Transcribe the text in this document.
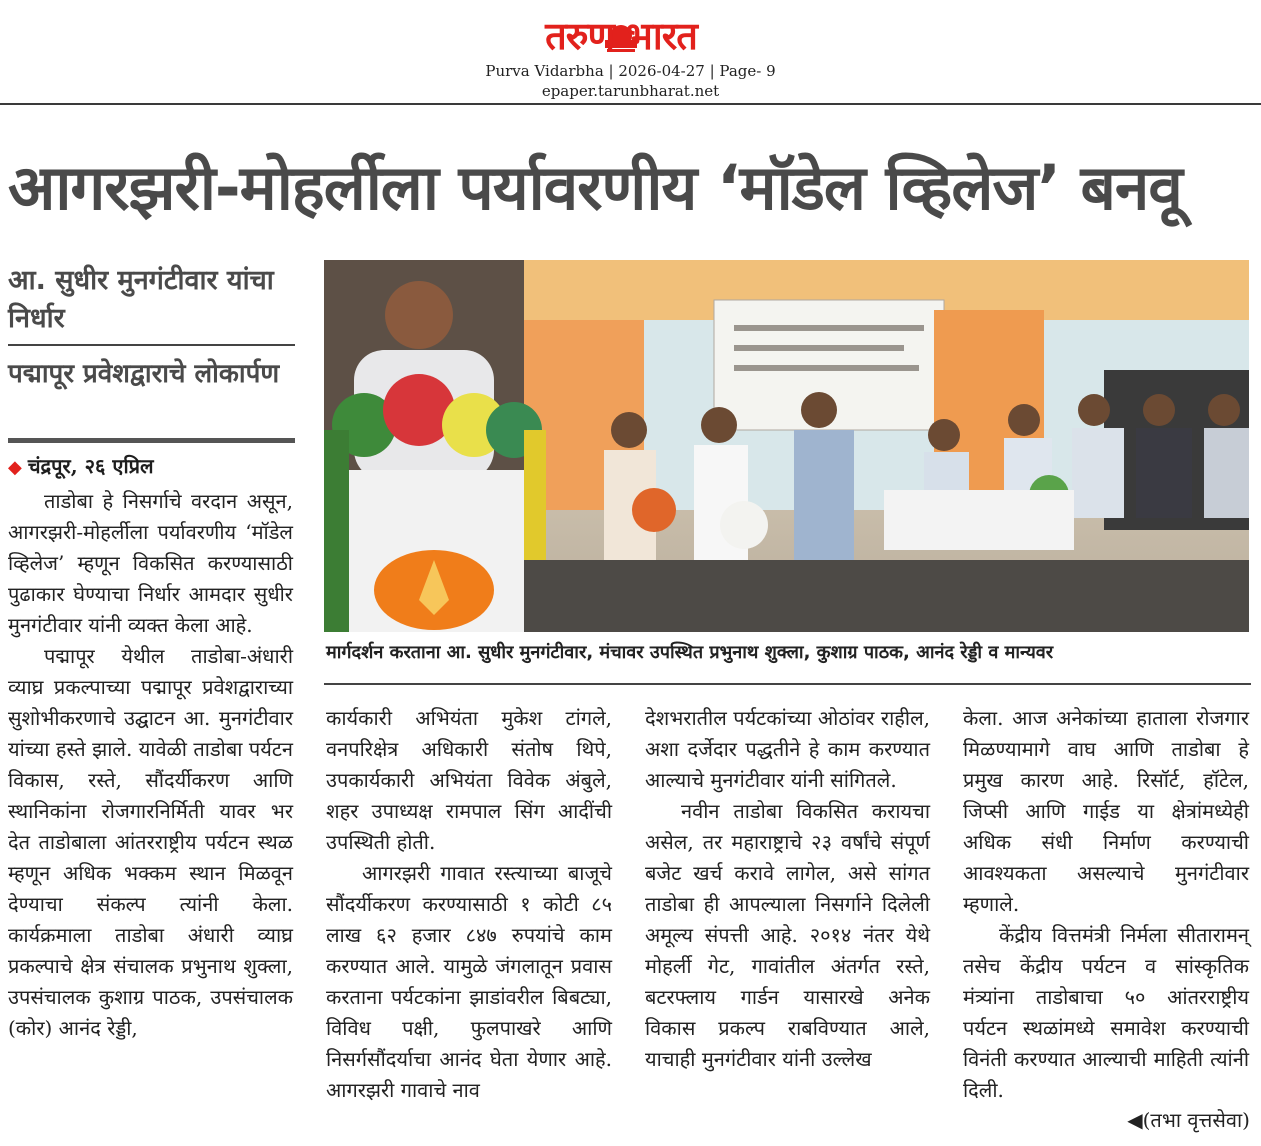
तरुण भारत
Purva Vidarbha | 2026-04-27 | Page- 9
epaper.tarunbharat.net
आगरझरी-मोहर्लीला पर्यावरणीय ‘मॉडेल व्हिलेज’ बनवू
आ. सुधीर मुनगंटीवार यांचा निर्धार
पद्मापूर प्रवेशद्वाराचे लोकार्पण
◆ चंद्रपूर, २६ एप्रिल

ताडोबा हे निसर्गाचे वरदान असून, आगरझरी-मोहर्लीला पर्यावरणीय ‘मॉडेल व्हिलेज’ म्हणून विकसित करण्यासाठी पुढाकार घेण्याचा निर्धार आमदार सुधीर मुनगंटीवार यांनी व्यक्त केला आहे.

पद्मापूर येथील ताडोबा-अंधारी व्याघ्र प्रकल्पाच्या पद्मापूर प्रवेशद्वाराच्या सुशोभीकरणाचे उद्घाटन आ. मुनगंटीवार यांच्या हस्ते झाले. यावेळी ताडोबा पर्यटन विकास, रस्ते, सौंदर्यीकरण आणि स्थानिकांना रोजगारनिर्मिती यावर भर देत ताडोबाला आंतरराष्ट्रीय पर्यटन स्थळ म्हणून अधिक भक्कम स्थान मिळवून देण्याचा संकल्प त्यांनी केला. कार्यक्रमाला ताडोबा अंधारी व्याघ्र प्रकल्पाचे क्षेत्र संचालक प्रभुनाथ शुक्ला, उपसंचालक कुशाग्र पाठक, उपसंचालक (कोर) आनंद रेड्डी,

मार्गदर्शन करताना आ. सुधीर मुनगंटीवार, मंचावर उपस्थित प्रभुनाथ शुक्ला, कुशाग्र पाठक, आनंद रेड्डी व मान्यवर

कार्यकारी अभियंता मुकेश टांगले, वनपरिक्षेत्र अधिकारी संतोष थिपे, उपकार्यकारी अभियंता विवेक अंबुले, शहर उपाध्यक्ष रामपाल सिंग आदींची उपस्थिती होती.

आगरझरी गावात रस्त्याच्या बाजूचे सौंदर्यीकरण करण्यासाठी १ कोटी ८५ लाख ६२ हजार ८४७ रुपयांचे काम करण्यात आले. यामुळे जंगलातून प्रवास करताना पर्यटकांना झाडांवरील बिबट्या, विविध पक्षी, फुलपाखरे आणि निसर्गसौंदर्याचा आनंद घेता येणार आहे. आगरझरी गावाचे नाव

देशभरातील पर्यटकांच्या ओठांवर राहील, अशा दर्जेदार पद्धतीने हे काम करण्यात आल्याचे मुनगंटीवार यांनी सांगितले.

नवीन ताडोबा विकसित करायचा असेल, तर महाराष्ट्राचे २३ वर्षांचे संपूर्ण बजेट खर्च करावे लागेल, असे सांगत ताडोबा ही आपल्याला निसर्गाने दिलेली अमूल्य संपत्ती आहे. २०१४ नंतर येथे मोहर्ली गेट, गावांतील अंतर्गत रस्ते, बटरफ्लाय गार्डन यासारखे अनेक विकास प्रकल्प राबविण्यात आले, याचाही मुनगंटीवार यांनी उल्लेख

केला. आज अनेकांच्या हाताला रोजगार मिळण्यामागे वाघ आणि ताडोबा हे प्रमुख कारण आहे. रिसॉर्ट, हॉटेल, जिप्सी आणि गाईड या क्षेत्रांमध्येही अधिक संधी निर्माण करण्याची आवश्यकता असल्याचे मुनगंटीवार म्हणाले.

केंद्रीय वित्तमंत्री निर्मला सीतारामन् तसेच केंद्रीय पर्यटन व सांस्कृतिक मंत्र्यांना ताडोबाचा ५० आंतरराष्ट्रीय पर्यटन स्थळांमध्ये समावेश करण्याची विनंती करण्यात आल्याची माहिती त्यांनी दिली.

◀(तभा वृत्तसेवा)
